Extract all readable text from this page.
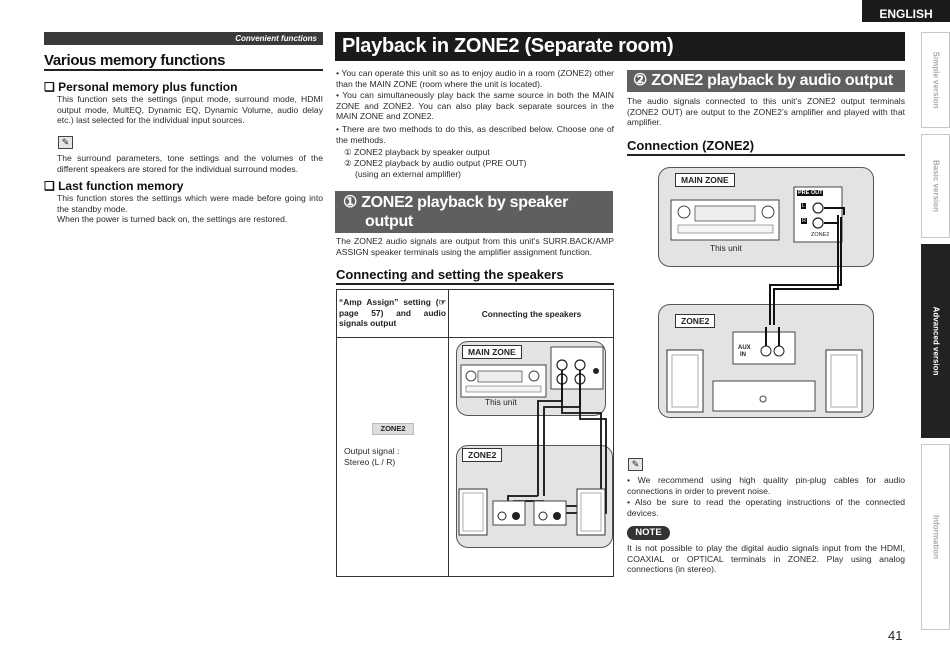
ENGLISH
Simple version
Basic version
Advanced version
Information
Convenient functions
Various memory functions
❑ Personal memory plus function
This function sets the settings (input mode, surround mode, HDMI output mode, MultEQ, Dynamic EQ, Dynamic Volume, audio delay etc.) last selected for the individual input sources.
✎
The surround parameters, tone settings and the volumes of the different speakers are stored for the individual surround modes.
❑ Last function memory
This function stores the settings which were made before going into the standby mode.
When the power is turned back on, the settings are restored.
Playback in ZONE2 (Separate room)
• You can operate this unit so as to enjoy audio in a room (ZONE2) other than the MAIN ZONE (room where the unit is located).
• You can simultaneously play back the same source in both the MAIN ZONE and ZONE2. You can also play back separate sources in the MAIN ZONE and ZONE2.
• There are two methods to do this, as described below. Choose one of the methods.
① ZONE2 playback by speaker output
② ZONE2 playback by audio output (PRE OUT)
(using an external amplifier)
① ZONE2 playback by speaker
output
The ZONE2 audio signals are output from this unit’s SURR.BACK/AMP ASSIGN speaker terminals using the amplifier assignment function.
Connecting and setting the speakers
“Amp Assign” setting (☞page 57) and audio signals output
Connecting the speakers
ZONE2
Output signal :
Stereo (L / R)
MAIN ZONE
This unit
ZONE2
② ZONE2 playback by audio output
The audio signals connected to this unit’s ZONE2 output terminals (ZONE2 OUT) are output to the ZONE2’s amplifier and played with that amplifier.
Connection (ZONE2)
MAIN ZONE
This unit
ZONE2
PRE OUT
L
R
ZONE2
AUX
IN
✎
• We recommend using high quality pin-plug cables for audio connections in order to prevent noise.
• Also be sure to read the operating instructions of the connected devices.
NOTE
It is not possible to play the digital audio signals input from the HDMI, COAXIAL or OPTICAL terminals in ZONE2. Play using analog connections (in stereo).
41
